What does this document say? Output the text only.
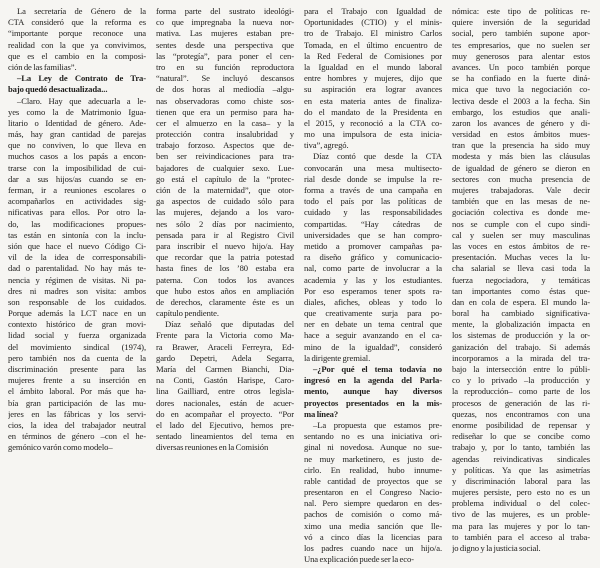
La secretaría de Género de la
CTA consideró que la reforma es
“importante porque reconoce una
realidad con la que ya convivimos,
que es el cambio en la composi-
ción de las familias”.
–La Ley de Contrato de Tra-
bajo quedó desactualizada...
–Claro. Hay que adecuarla a le-
yes como la de Matrimonio Igua-
litario o Identidad de género. Ade-
más, hay gran cantidad de parejas
que no conviven, lo que lleva en
muchos casos a los papás a encon-
trarse con la imposibilidad de cui-
dar a sus hijos/as cuando se en-
ferman, ir a reuniones escolares o
acompañarlos en actividades sig-
nificativas para ellos. Por otro la-
do, las modificaciones propues-
tas están en sintonía con la inclu-
sión que hace el nuevo Código Ci-
vil de la idea de corresponsabili-
dad o parentalidad. No hay más te-
nencia y régimen de visitas. Ni pa-
dres ni madres son visita: ambos
son responsable de los cuidados.
Porque además la LCT nace en un
contexto histórico de gran movi-
lidad social y fuerza organizada
del movimiento sindical (1974),
pero también nos da cuenta de la
discriminación presente para las
mujeres frente a su inserción en
el ámbito laboral. Por más que ha-
bía gran participación de las mu-
jeres en las fábricas y los servi-
cios, la idea del trabajador neutral
en términos de género –con el he-
gemónico varón como modelo–
forma parte del sustrato ideológi-
co que impregnaba la nueva nor-
mativa. Las mujeres estaban pre-
sentes desde una perspectiva que
las “protegía”, para poner el cen-
tro en su función reproductora
“natural”. Se incluyó descansos
de dos horas al mediodía –algu-
nas observadoras como chiste sos-
tienen que era un permiso para ha-
cer el almuerzo en la casa– y la
protección contra insalubridad y
trabajo forzoso. Aspectos que de-
ben ser reivindicaciones para tra-
bajadores de cualquier sexo. Lue-
go está el capítulo de la “protec-
ción de la maternidad”, que otor-
ga aspectos de cuidado sólo para
las mujeres, dejando a los varo-
nes sólo 2 días por nacimiento,
pensada para ir al Registro Civil
para inscribir el nuevo hijo/a. Hay
que recordar que la patria potestad
hasta fines de los ’80 estaba era
paterna. Con todos los avances
que hubo estos años en ampliación
de derechos, claramente éste es un
capítulo pendiente.
Díaz señaló que diputadas del
Frente para la Victoria como Ma-
ra Brawer, Araceli Ferreyra, Ed-
gardo Depetri, Adela Segarra,
María del Carmen Bianchi, Dia-
na Conti, Gastón Harispe, Caro-
lina Gailliard, entre otros legisla-
dores nacionales, están de acuer-
do en acompañar el proyecto. “Por
el lado del Ejecutivo, hemos pre-
sentado lineamientos del tema en
diversas reuniones en la Comisión
para el Trabajo con Igualdad de
Oportunidades (CTIO) y el minis-
tro de Trabajo. El ministro Carlos
Tomada, en el último encuentro de
la Red Federal de Comisiones por
la Igualdad en el mundo laboral
entre hombres y mujeres, dijo que
su aspiración era lograr avances
en esta materia antes de finaliza-
do el mandato de la Presidenta en
el 2015, y reconoció a la CTA co-
mo una impulsora de esta inicia-
tiva”, agregó.
Díaz contó que desde la CTA
convocarán una mesa multisecto-
rial desde donde se impulse la re-
forma a través de una campaña en
todo el país por las políticas de
cuidado y las responsabilidades
compartidas. “Hay cátedras de
universidades que se han compro-
metido a promover campañas pa-
ra diseño gráfico y comunicacio-
nal, como parte de involucrar a la
academia y las y los estudiantes.
Por eso esperamos tener spots ra-
diales, afiches, obleas y todo lo
que creativamente surja para po-
ner en debate un tema central que
hace a seguir avanzando en el ca-
mino de la igualdad”, consideró
la dirigente gremial.
–¿Por qué el tema todavía no
ingresó en la agenda del Parla-
mento, aunque hay diversos
proyectos presentados en la mis-
ma línea?
–La propuesta que estamos pre-
sentando no es una iniciativa ori-
ginal ni novedosa. Aunque no sue-
ne muy marketinero, es justo de-
cirlo. En realidad, hubo innume-
rable cantidad de proyectos que se
presentaron en el Congreso Nacio-
nal. Pero siempre quedaron en des-
pachos de comisión o como má-
ximo una media sanción que lle-
vó a cinco días la licencias para
los padres cuando nace un hijo/a.
Una explicación puede ser la eco-
nómica: este tipo de políticas re-
quiere inversión de la seguridad
social, pero también supone apor-
tes empresarios, que no suelen ser
muy generosos para alentar estos
avances. Un poco también porque
se ha confiado en la fuerte diná-
mica que tuvo la negociación co-
lectiva desde el 2003 a la fecha. Sin
embargo, los estudios que anali-
zaron los avances de género y di-
versidad en estos ámbitos mues-
tran que la presencia ha sido muy
modesta y más bien las cláusulas
de igualdad de género se dieron en
sectores con mucha presencia de
mujeres trabajadoras. Vale decir
también que en las mesas de ne-
gociación colectiva es donde me-
nos se cumple con el cupo sindi-
cal y suelen ser muy masculinas
las voces en estos ámbitos de re-
presentación. Muchas veces la lu-
cha salarial se lleva casi toda la
fuerza negociadora, y temáticas
tan importantes como éstas que-
dan en cola de espera. El mundo la-
boral ha cambiado significativa-
mente, la globalización impacta en
los sistemas de producción y la or-
ganización del trabajo. Si además
incorporamos a la mirada del tra-
bajo la intersección entre lo públi-
co y lo privado –la producción y
la reproducción– como parte de los
procesos de generación de las ri-
quezas, nos encontramos con una
enorme posibilidad de repensar y
rediseñar lo que se concibe como
trabajo y, por lo tanto, también las
agendas reivindicativas sindicales
y políticas. Ya que las asimetrías
y discriminación laboral para las
mujeres persiste, pero esto no es un
problema individual o del colec-
tivo de las mujeres, es un proble-
ma para las mujeres y por lo tan-
to también para el acceso al traba-
jo digno y la justicia social.
